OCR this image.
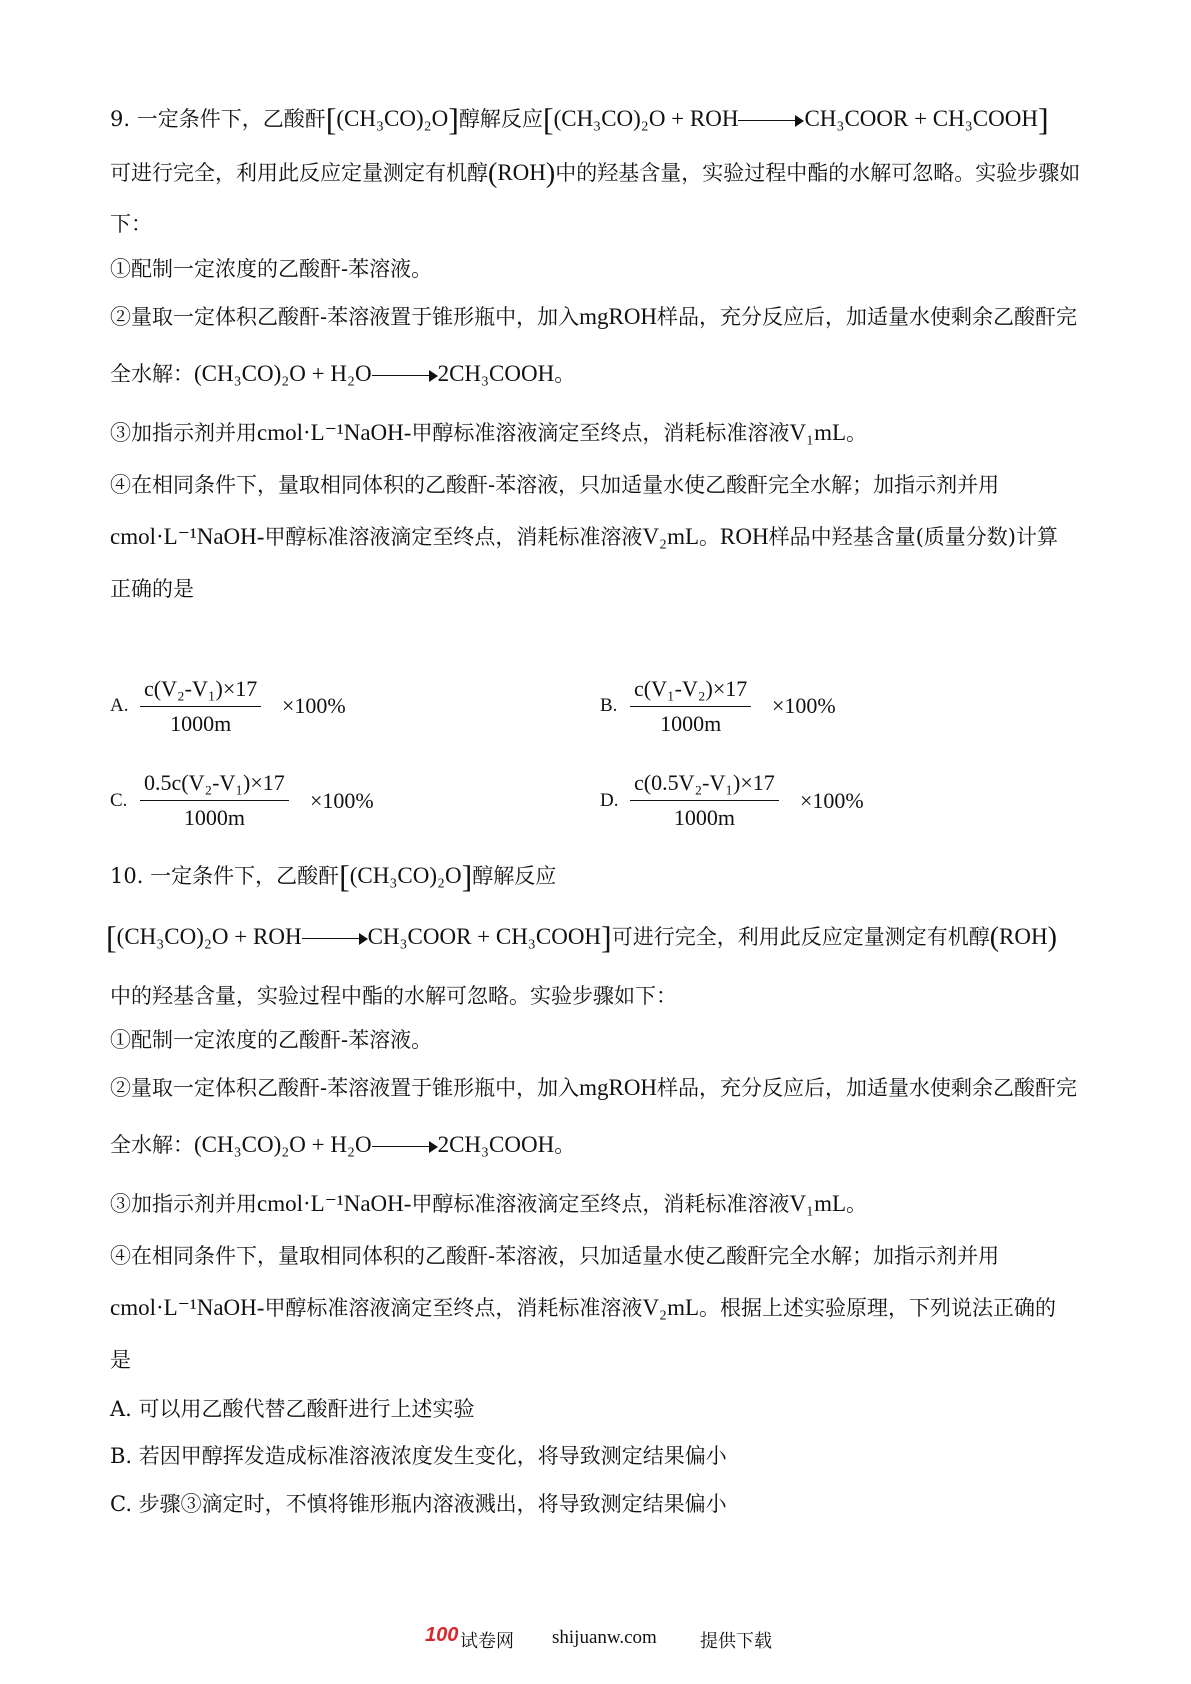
9. 一定条件下，乙酸酐[(CH₃CO)₂O]醇解反应[(CH₃CO)₂O + ROH	CH₃COOR + CH₃COOH]
可进行完全，利用此反应定量测定有机醇(ROH)中的羟基含量，实验过程中酯的水解可忽略。实验步骤如
下：
①配制一定浓度的乙酸酐-苯溶液。
②量取一定体积乙酸酐-苯溶液置于锥形瓶中，加入mgROH样品，充分反应后，加适量水使剩余乙酸酐完
全水解：(CH₃CO)₂O + H₂O	2CH₃COOH。
③加指示剂并用cmol·L⁻¹NaOH-甲醇标准溶液滴定至终点，消耗标准溶液V₁mL。
④在相同条件下，量取相同体积的乙酸酐-苯溶液，只加适量水使乙酸酐完全水解；加指示剂并用
cmol·L⁻¹NaOH-甲醇标准溶液滴定至终点，消耗标准溶液V₂mL。ROH样品中羟基含量(质量分数)计算
正确的是
A. $\frac{\text{c(V₂-V₁)×17}}{1000m} \times 100\%$	B. $\frac{\text{c(V₁-V₂)×17}}{1000m} \times 100\%$
C. $\frac{\text{0.5c(V₂-V₁)×17}}{1000m} \times 100\%$	D. $\frac{\text{c(0.5V₂-V₁)×17}}{1000m} \times 100\%$
10. 一定条件下，乙酸酐[(CH₃CO)₂O]醇解反应
[(CH₃CO)₂O + ROH	CH₃COOR + CH₃COOH]可进行完全，利用此反应定量测定有机醇(ROH)
中的羟基含量，实验过程中酯的水解可忽略。实验步骤如下：
①配制一定浓度的乙酸酐-苯溶液。
②量取一定体积乙酸酐-苯溶液置于锥形瓶中，加入mgROH样品，充分反应后，加适量水使剩余乙酸酐完
全水解：(CH₃CO)₂O + H₂O	2CH₃COOH。
③加指示剂并用cmol·L⁻¹NaOH-甲醇标准溶液滴定至终点，消耗标准溶液V₁mL。
④在相同条件下，量取相同体积的乙酸酐-苯溶液，只加适量水使乙酸酐完全水解；加指示剂并用
cmol·L⁻¹NaOH-甲醇标准溶液滴定至终点，消耗标准溶液V₂mL。根据上述实验原理，下列说法正确的
是
A. 可以用乙酸代替乙酸酐进行上述实验
B. 若因甲醇挥发造成标准溶液浓度发生变化，将导致测定结果偏小
C. 步骤③滴定时，不慎将锥形瓶内溶液溅出，将导致测定结果偏小
100 试卷网 shijuanw.com 提供下载
